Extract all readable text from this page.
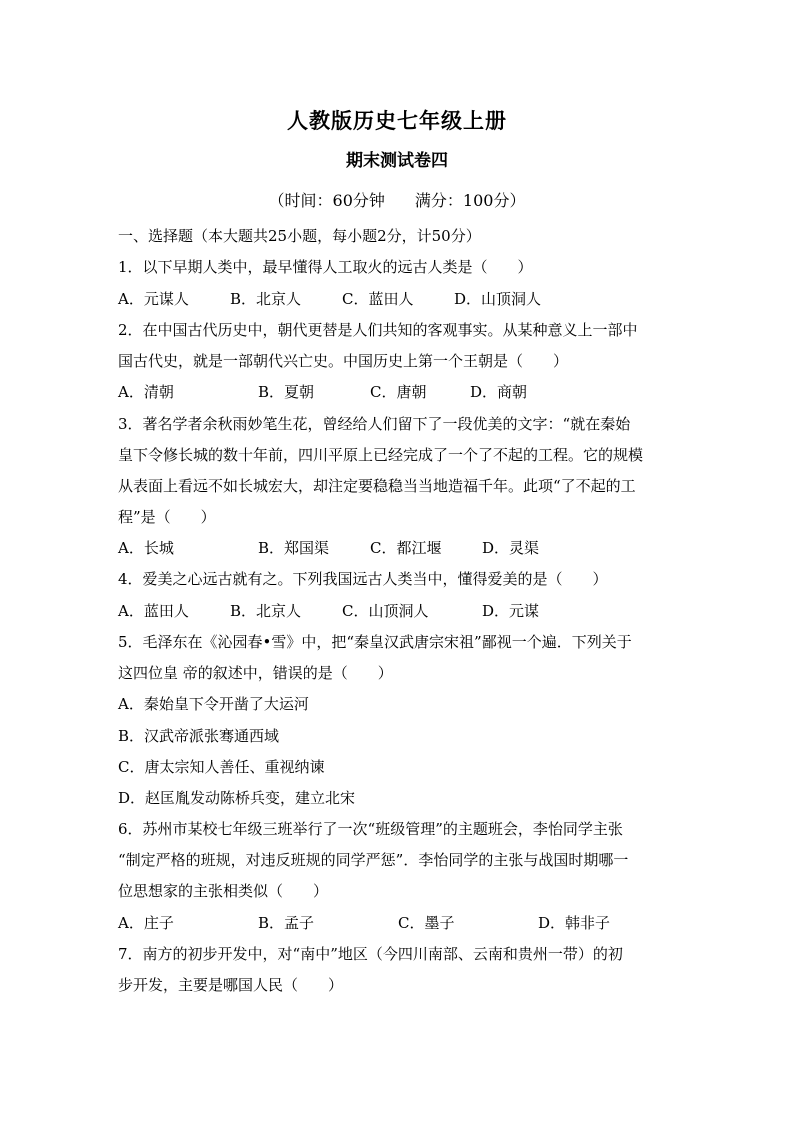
人教版历史七年级上册
期末测试卷四
（时间：60分钟 满分：100分）
一、选择题（本大题共25小题，每小题2分，计50分）
1．以下早期人类中，最早懂得人工取火的远古人类是（　　）
A．元谋人	B．北京人	C．蓝田人	D．山顶洞人
2．在中国古代历史中，朝代更替是人们共知的客观事实。从某种意义上一部中
国古代史，就是一部朝代兴亡史。中国历史上第一个王朝是（　　）
A．清朝	B．夏朝	C．唐朝	D．商朝
3．著名学者余秋雨妙笔生花，曾经给人们留下了一段优美的文字：“就在秦始
皇下令修长城的数十年前，四川平原上已经完成了一个了不起的工程。它的规模
从表面上看远不如长城宏大，却注定要稳稳当当地造福千年。此项“了不起的工
程”是（　　）
A．长城	B．郑国渠	C．都江堰	D．灵渠
4．爱美之心远古就有之。下列我国远古人类当中，懂得爱美的是（　　）
A．蓝田人	B．北京人	C．山顶洞人	D．元谋
5．毛泽东在《沁园春•雪》中，把“秦皇汉武唐宗宋祖”鄙视一个遍．下列关于
这四位皇 帝的叙述中，错误的是（　　）
A．秦始皇下令开凿了大运河
B．汉武帝派张骞通西域
C．唐太宗知人善任、重视纳谏
D．赵匡胤发动陈桥兵变，建立北宋
6．苏州市某校七年级三班举行了一次“班级管理”的主题班会，李怡同学主张
“制定严格的班规，对违反班规的同学严惩”．李怡同学的主张与战国时期哪一
位思想家的主张相类似（　　）
A．庄子	B．孟子	C．墨子	D．韩非子
7．南方的初步开发中，对“南中”地区（今四川南部、云南和贵州一带）的初
步开发，主要是哪国人民（　　）
